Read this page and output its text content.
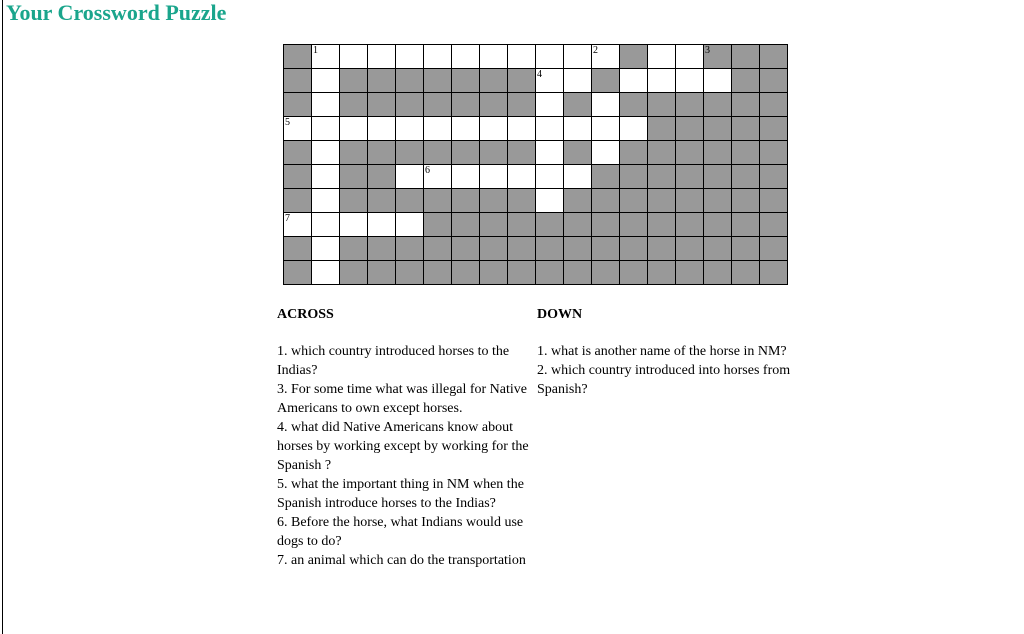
Your Crossword Puzzle
1	2	3
4
5
6
7
ACROSS

1. which country introduced horses to the Indias?

3. For some time what was illegal for Native Americans to own except horses.

4. what did Native Americans know about horses by working except by working for the Spanish ?

5. what the important thing in NM when the Spanish introduce horses to the Indias?

6. Before the horse, what Indians would use dogs to do?

7. an animal which can do the transportation

DOWN

1. what is another name of the horse in NM?

2. which country introduced into horses from Spanish?
